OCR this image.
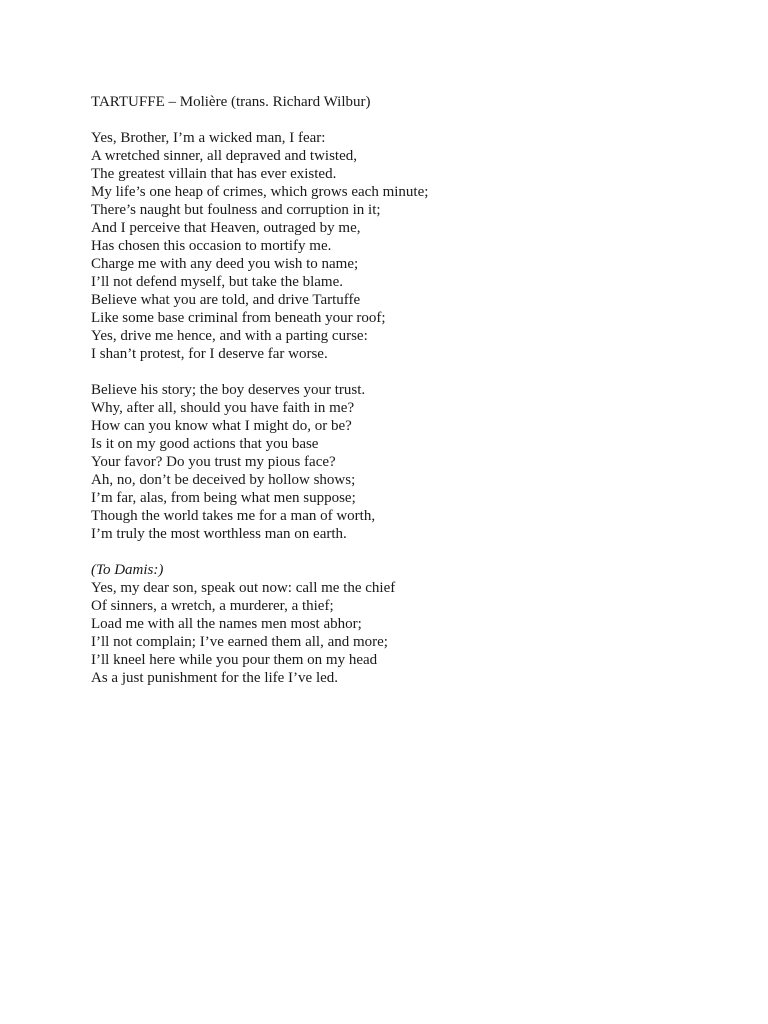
TARTUFFE – Molière (trans. Richard Wilbur)

Yes, Brother, I’m a wicked man, I fear:
A wretched sinner, all depraved and twisted,
The greatest villain that has ever existed.
My life’s one heap of crimes, which grows each minute;
There’s naught but foulness and corruption in it;
And I perceive that Heaven, outraged by me,
Has chosen this occasion to mortify me.
Charge me with any deed you wish to name;
I’ll not defend myself, but take the blame.
Believe what you are told, and drive Tartuffe
Like some base criminal from beneath your roof;
Yes, drive me hence, and with a parting curse:
I shan’t protest, for I deserve far worse.
Believe his story; the boy deserves your trust.
Why, after all, should you have faith in me?
How can you know what I might do, or be?
Is it on my good actions that you base
Your favor? Do you trust my pious face?
Ah, no, don’t be deceived by hollow shows;
I’m far, alas, from being what men suppose;
Though the world takes me for a man of worth,
I’m truly the most worthless man on earth.
(To Damis:)
Yes, my dear son, speak out now: call me the chief
Of sinners, a wretch, a murderer, a thief;
Load me with all the names men most abhor;
I’ll not complain; I’ve earned them all, and more;
I’ll kneel here while you pour them on my head
As a just punishment for the life I’ve led.
